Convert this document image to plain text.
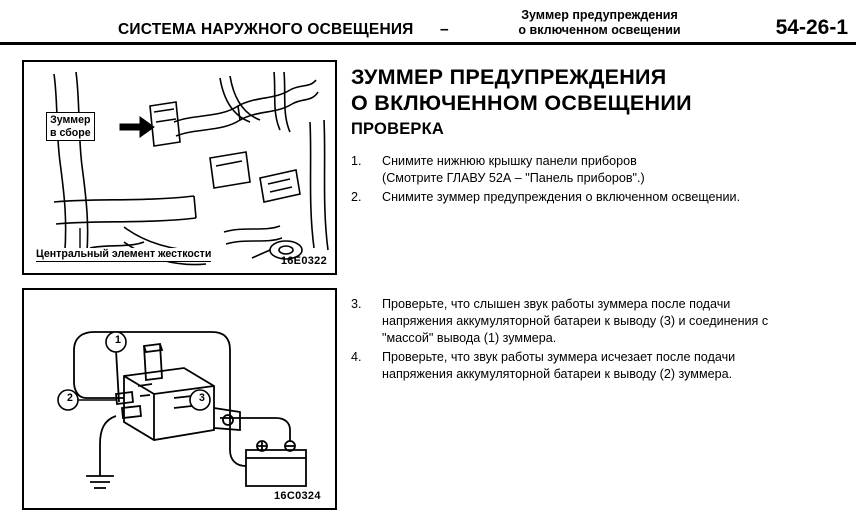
СИСТЕМА НАРУЖНОГО ОСВЕЩЕНИЯ –
Зуммер предупреждения
о включенном освещении	54-26-1
Зуммер
в сборе
Центральный элемент жесткости
16E0322
1
2	3
16C0324
ЗУММЕР ПРЕДУПРЕЖДЕНИЯ
О ВКЛЮЧЕННОМ ОСВЕЩЕНИИ
ПРОВЕРКА
1.	Снимите нижнюю крышку панели приборов
(Смотрите ГЛАВУ 52А – "Панель приборов".)
2.	Снимите зуммер предупреждения о включенном освещении.
3.	Проверьте, что слышен звук работы зуммера после подачи
напряжения аккумуляторной батареи к выводу (3) и соединения с
"массой" вывода (1) зуммера.
4.	Проверьте, что звук работы зуммера исчезает после подачи
напряжения аккумуляторной батареи к выводу (2) зуммера.
